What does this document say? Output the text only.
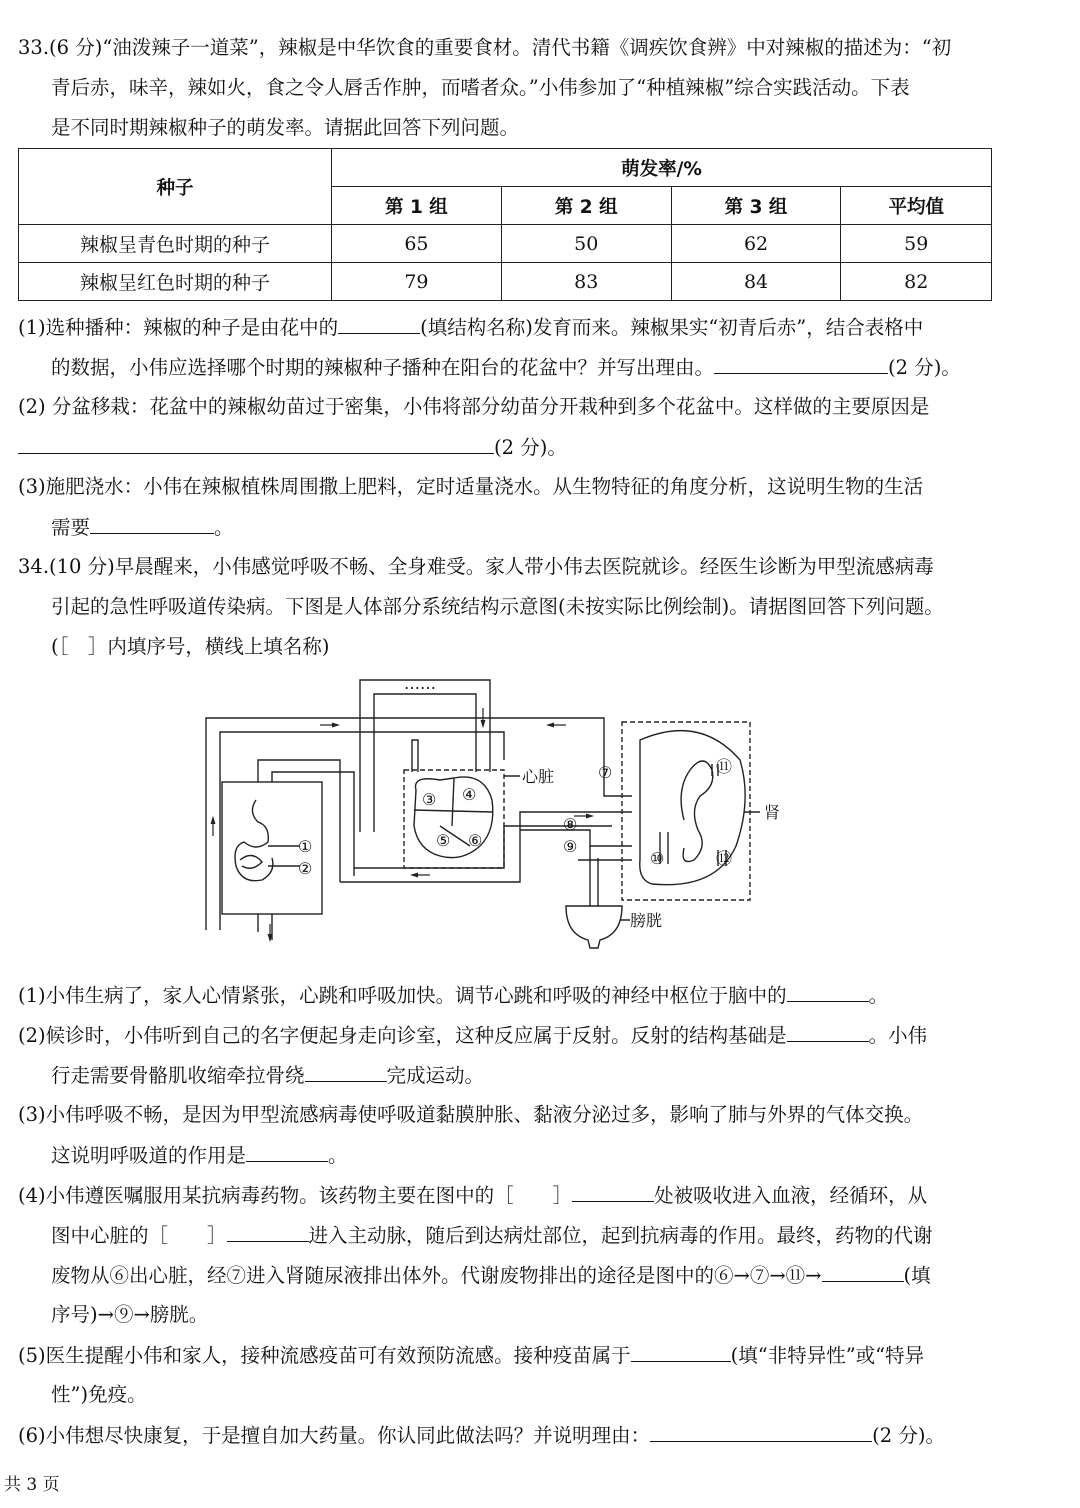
33.(6 分)“油泼辣子一道菜”，辣椒是中华饮食的重要食材。清代书籍《调疾饮食辨》中对辣椒的描述为：“初
青后赤，味辛，辣如火，食之令人唇舌作肿，而嗜者众。”小伟参加了“种植辣椒”综合实践活动。下表
是不同时期辣椒种子的萌发率。请据此回答下列问题。
种子	萌发率/%			
	第 1 组	第 2 组	第 3 组	平均值
辣椒呈青色时期的种子	65	50	62	59
辣椒呈红色时期的种子	79	83	84	82
(1)选种播种：辣椒的种子是由花中的	(填结构名称)发育而来。辣椒果实“初青后赤”，结合表格中
的数据，小伟应选择哪个时期的辣椒种子播种在阳台的花盆中？并写出理由。	(2 分)。
(2) 分盆移栽：花盆中的辣椒幼苗过于密集，小伟将部分幼苗分开栽种到多个花盆中。这样做的主要原因是
(2 分)。
(3)施肥浇水：小伟在辣椒植株周围撒上肥料，定时适量浇水。从生物特征的角度分析，这说明生物的生活
需要	。
34.(10 分)早晨醒来，小伟感觉呼吸不畅、全身难受。家人带小伟去医院就诊。经医生诊断为甲型流感病毒
引起的急性呼吸道传染病。下图是人体部分系统结构示意图(未按实际比例绘制)。请据图回答下列问题。
(［　］内填序号，横线上填名称)
……
心脏
肾
膀胱
①
②
③ ④
⑤ ⑥
⑦
⑧
⑨
⑩
⑪
⑫
(1)小伟生病了，家人心情紧张，心跳和呼吸加快。调节心跳和呼吸的神经中枢位于脑中的	。
(2)候诊时，小伟听到自己的名字便起身走向诊室，这种反应属于反射。反射的结构基础是	。小伟
行走需要骨骼肌收缩牵拉骨绕	完成运动。
(3)小伟呼吸不畅，是因为甲型流感病毒使呼吸道黏膜肿胀、黏液分泌过多，影响了肺与外界的气体交换。
这说明呼吸道的作用是	。
(4)小伟遵医嘱服用某抗病毒药物。该药物主要在图中的［　　］	处被吸收进入血液，经循环，从
图中心脏的［　　］	进入主动脉，随后到达病灶部位，起到抗病毒的作用。最终，药物的代谢
废物从⑥出心脏，经⑦进入肾随尿液排出体外。代谢废物排出的途径是图中的⑥→⑦→⑪→	(填
序号)→⑨→膀胱。
(5)医生提醒小伟和家人，接种流感疫苗可有效预防流感。接种疫苗属于	(填“非特异性”或“特异
性”)免疫。
(6)小伟想尽快康复，于是擅自加大药量。你认同此做法吗？并说明理由：	(2 分)。
共 3 页
